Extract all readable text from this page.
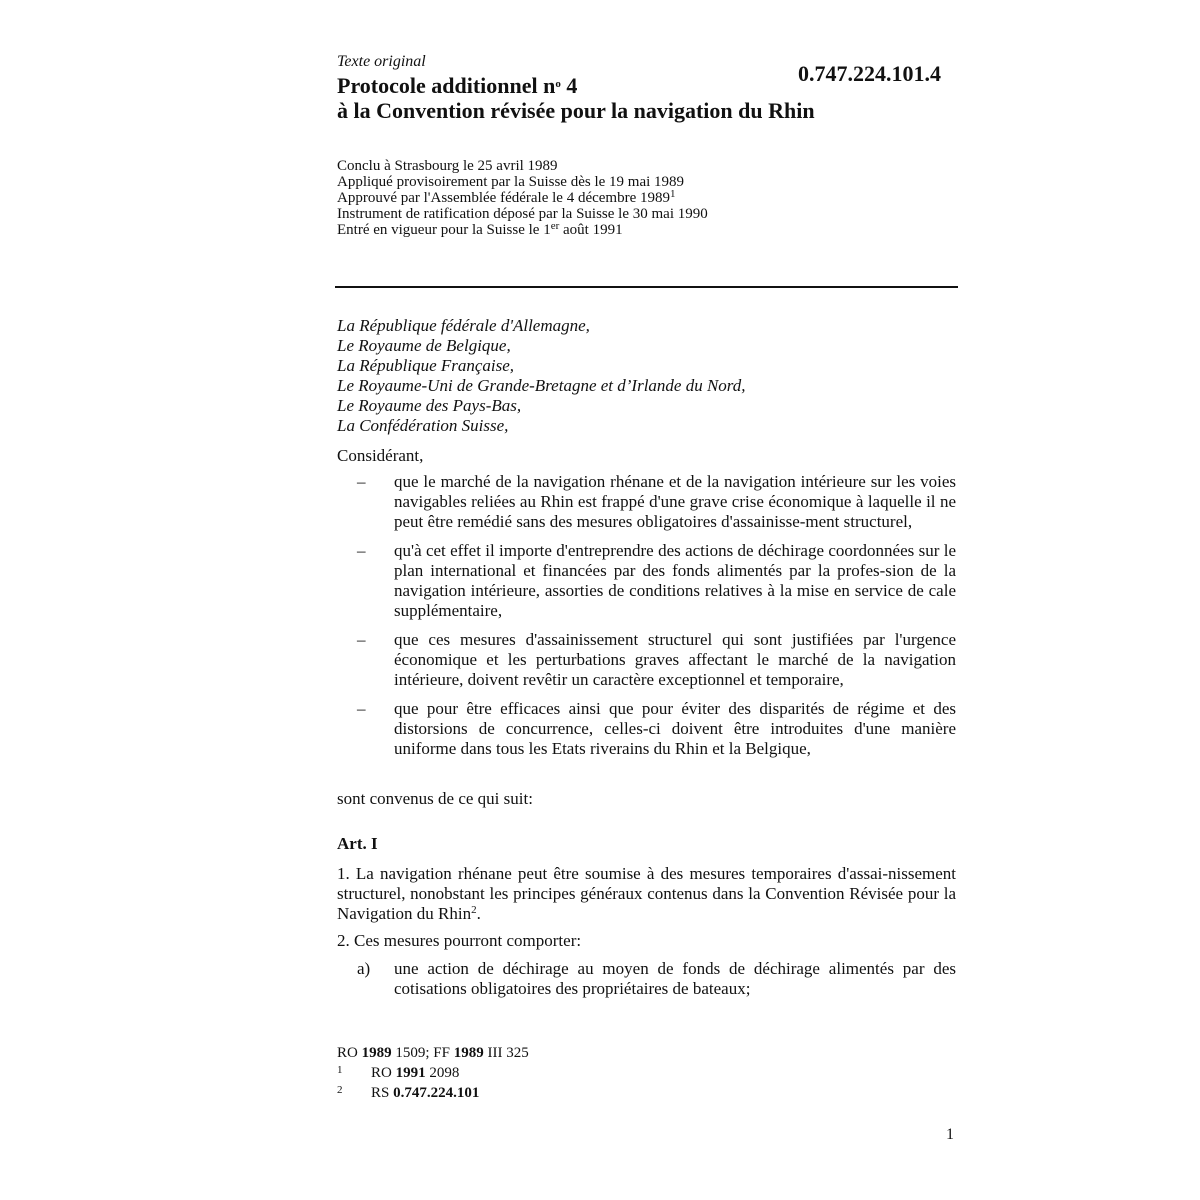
Texte original	0.747.224.101.4
Protocole additionnel n$^o$ 4
à la Convention révisée pour la navigation du Rhin
Conclu à Strasbourg le 25 avril 1989
Appliqué provisoirement par la Suisse dès le 19 mai 1989
Approuvé par l'Assemblée fédérale le 4 décembre 1989$^1$
Instrument de ratification déposé par la Suisse le 30 mai 1990
Entré en vigueur pour la Suisse le 1er août 1991
La République fédérale d'Allemagne,
Le Royaume de Belgique,
La République Française,
Le Royaume-Uni de Grande-Bretagne et d’Irlande du Nord,
Le Royaume des Pays-Bas,
La Confédération Suisse,
Considérant,
– que le marché de la navigation rhénane et de la navigation intérieure sur les voies navigables reliées au Rhin est frappé d'une grave crise économique à laquelle il ne peut être remédié sans des mesures obligatoires d'assainisse-ment structurel,
– qu'à cet effet il importe d'entreprendre des actions de déchirage coordonnées sur le plan international et financées par des fonds alimentés par la profes-sion de la navigation intérieure, assorties de conditions relatives à la mise en service de cale supplémentaire,
– que ces mesures d'assainissement structurel qui sont justifiées par l'urgence économique et les perturbations graves affectant le marché de la navigation intérieure, doivent revêtir un caractère exceptionnel et temporaire,
– que pour être efficaces ainsi que pour éviter des disparités de régime et des distorsions de concurrence, celles-ci doivent être introduites d'une manière uniforme dans tous les Etats riverains du Rhin et la Belgique,
sont convenus de ce qui suit:
Art. I
1. La navigation rhénane peut être soumise à des mesures temporaires d'assai-nissement structurel, nonobstant les principes généraux contenus dans la Convention Révisée pour la Navigation du Rhin$^2$.
2. Ces mesures pourront comporter:
a)	une action de déchirage au moyen de fonds de déchirage alimentés par des cotisations obligatoires des propriétaires de bateaux;
RO 1989 1509; FF 1989 III 325
1 RO 1991 2098
2 RS 0.747.224.101
1
